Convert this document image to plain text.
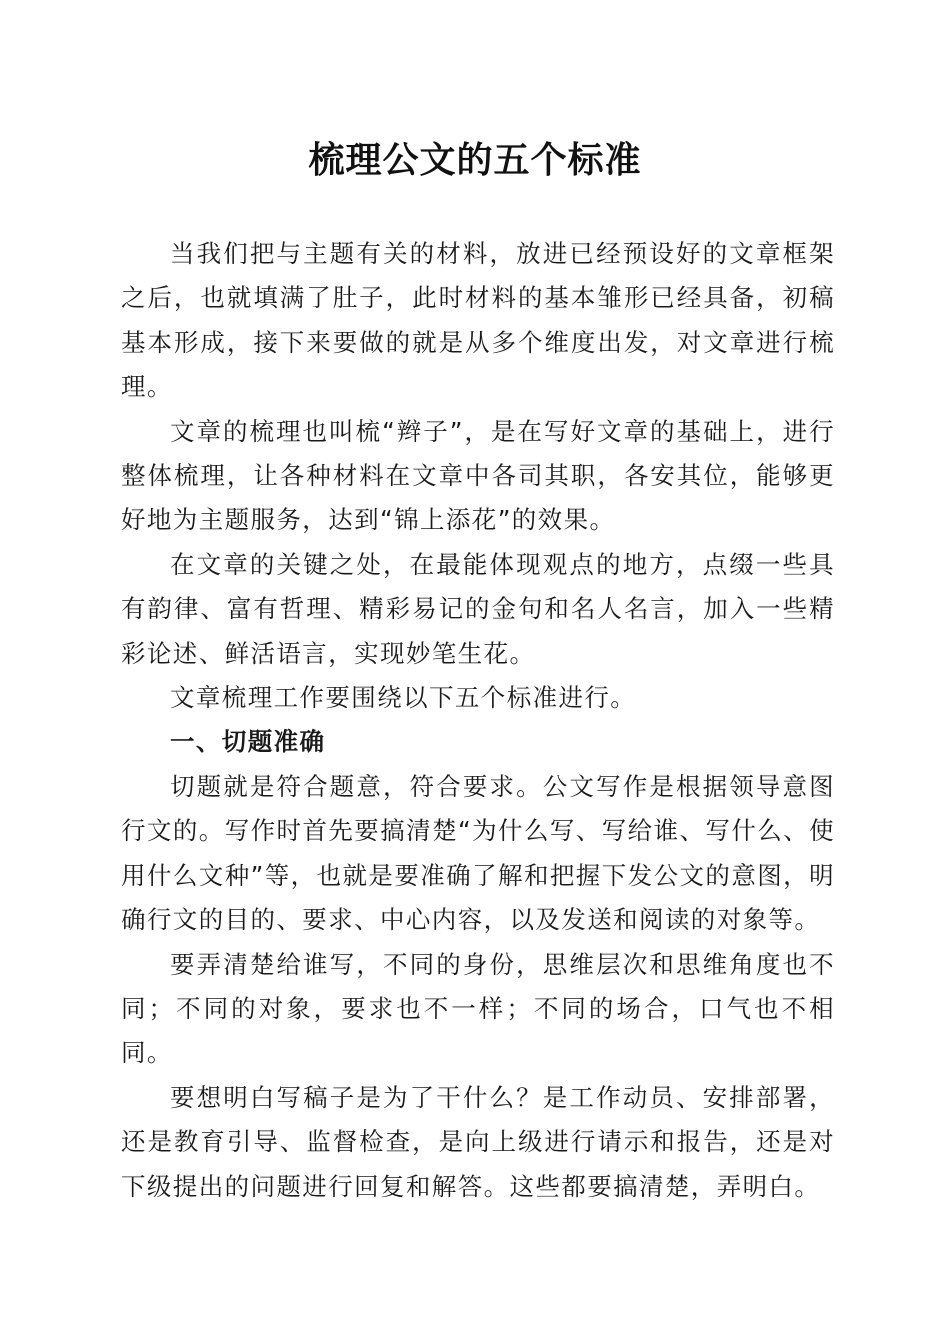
梳理公文的五个标准

当我们把与主题有关的材料，放进已经预设好的文章框架之后，也就填满了肚子，此时材料的基本雏形已经具备，初稿基本形成，接下来要做的就是从多个维度出发，对文章进行梳理。

文章的梳理也叫梳“辫子”，是在写好文章的基础上，进行整体梳理，让各种材料在文章中各司其职，各安其位，能够更好地为主题服务，达到“锦上添花”的效果。

在文章的关键之处，在最能体现观点的地方，点缀一些具有韵律、富有哲理、精彩易记的金句和名人名言，加入一些精彩论述、鲜活语言，实现妙笔生花。

文章梳理工作要围绕以下五个标准进行。

一、切题准确

切题就是符合题意，符合要求。公文写作是根据领导意图行文的。写作时首先要搞清楚“为什么写、写给谁、写什么、使用什么文种”等，也就是要准确了解和把握下发公文的意图，明确行文的目的、要求、中心内容，以及发送和阅读的对象等。

要弄清楚给谁写，不同的身份，思维层次和思维角度也不同；不同的对象，要求也不一样；不同的场合，口气也不相同。

要想明白写稿子是为了干什么？是工作动员、安排部署，还是教育引导、监督检查，是向上级进行请示和报告，还是对下级提出的问题进行回复和解答。这些都要搞清楚，弄明白。
